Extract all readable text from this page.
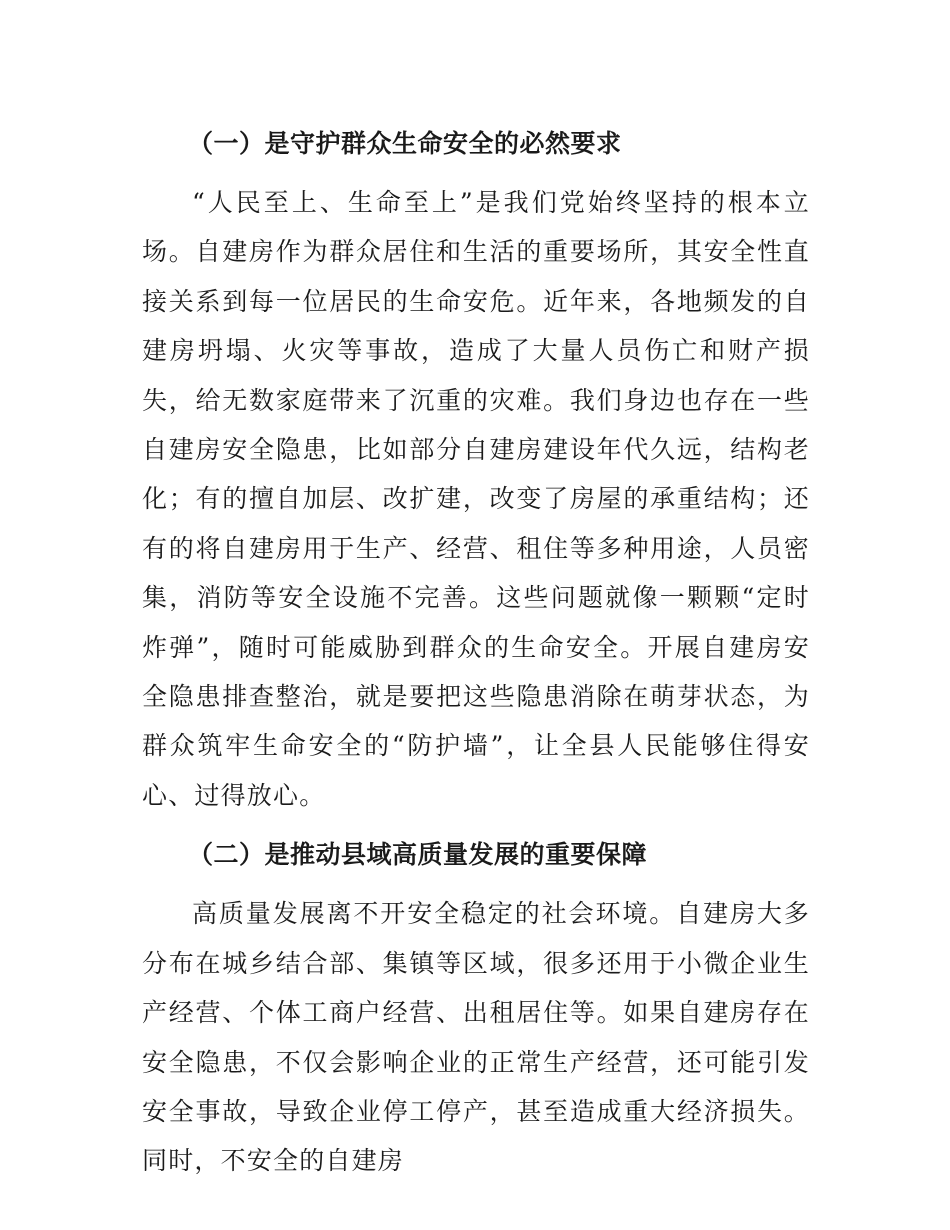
（一）是守护群众生命安全的必然要求

“人民至上、生命至上”是我们党始终坚持的根本立场。自建房作为群众居住和生活的重要场所，其安全性直接关系到每一位居民的生命安危。近年来，各地频发的自建房坍塌、火灾等事故，造成了大量人员伤亡和财产损失，给无数家庭带来了沉重的灾难。我们身边也存在一些自建房安全隐患，比如部分自建房建设年代久远，结构老化；有的擅自加层、改扩建，改变了房屋的承重结构；还有的将自建房用于生产、经营、租住等多种用途，人员密集，消防等安全设施不完善。这些问题就像一颗颗“定时炸弹”，随时可能威胁到群众的生命安全。开展自建房安全隐患排查整治，就是要把这些隐患消除在萌芽状态，为群众筑牢生命安全的“防护墙”，让全县人民能够住得安心、过得放心。

（二）是推动县域高质量发展的重要保障

高质量发展离不开安全稳定的社会环境。自建房大多分布在城乡结合部、集镇等区域，很多还用于小微企业生产经营、个体工商户经营、出租居住等。如果自建房存在安全隐患，不仅会影响企业的正常生产经营，还可能引发安全事故，导致企业停工停产，甚至造成重大经济损失。同时，不安全的自建房
